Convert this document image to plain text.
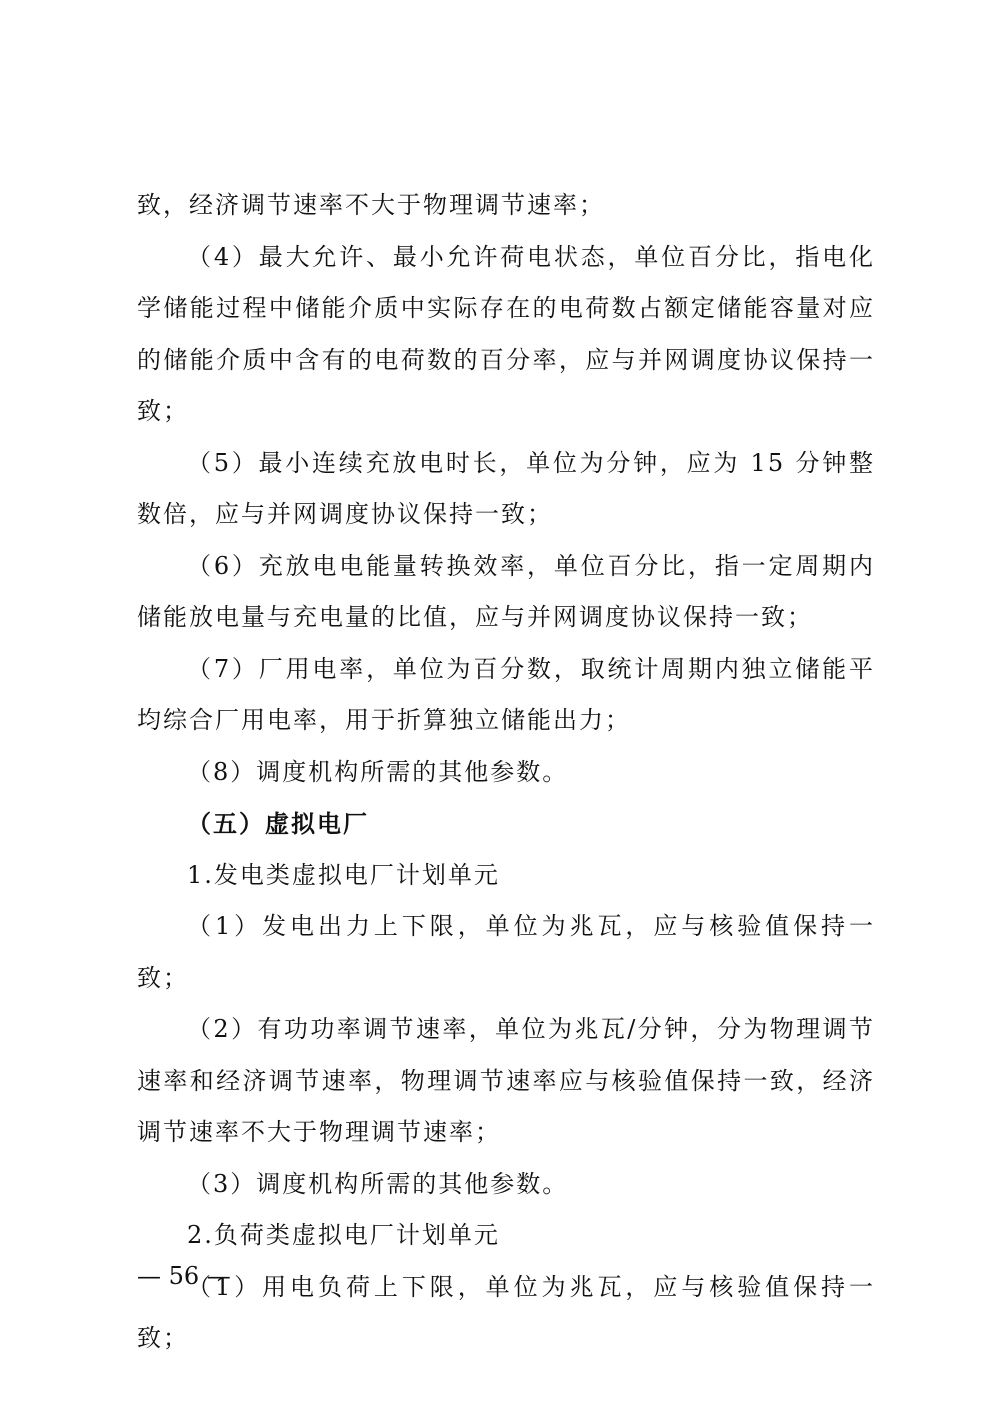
致，经济调节速率不大于物理调节速率；

（4）最大允许、最小允许荷电状态，单位百分比，指电化学储能过程中储能介质中实际存在的电荷数占额定储能容量对应的储能介质中含有的电荷数的百分率，应与并网调度协议保持一致；

（5）最小连续充放电时长，单位为分钟，应为 15 分钟整数倍，应与并网调度协议保持一致；

（6）充放电电能量转换效率，单位百分比，指一定周期内储能放电量与充电量的比值，应与并网调度协议保持一致；

（7）厂用电率，单位为百分数，取统计周期内独立储能平均综合厂用电率，用于折算独立储能出力；

（8）调度机构所需的其他参数。

（五）虚拟电厂

1.发电类虚拟电厂计划单元

（1）发电出力上下限，单位为兆瓦，应与核验值保持一致；

（2）有功功率调节速率，单位为兆瓦/分钟，分为物理调节速率和经济调节速率，物理调节速率应与核验值保持一致，经济调节速率不大于物理调节速率；

（3）调度机构所需的其他参数。

2.负荷类虚拟电厂计划单元

（1）用电负荷上下限，单位为兆瓦，应与核验值保持一致；

— 56 —
